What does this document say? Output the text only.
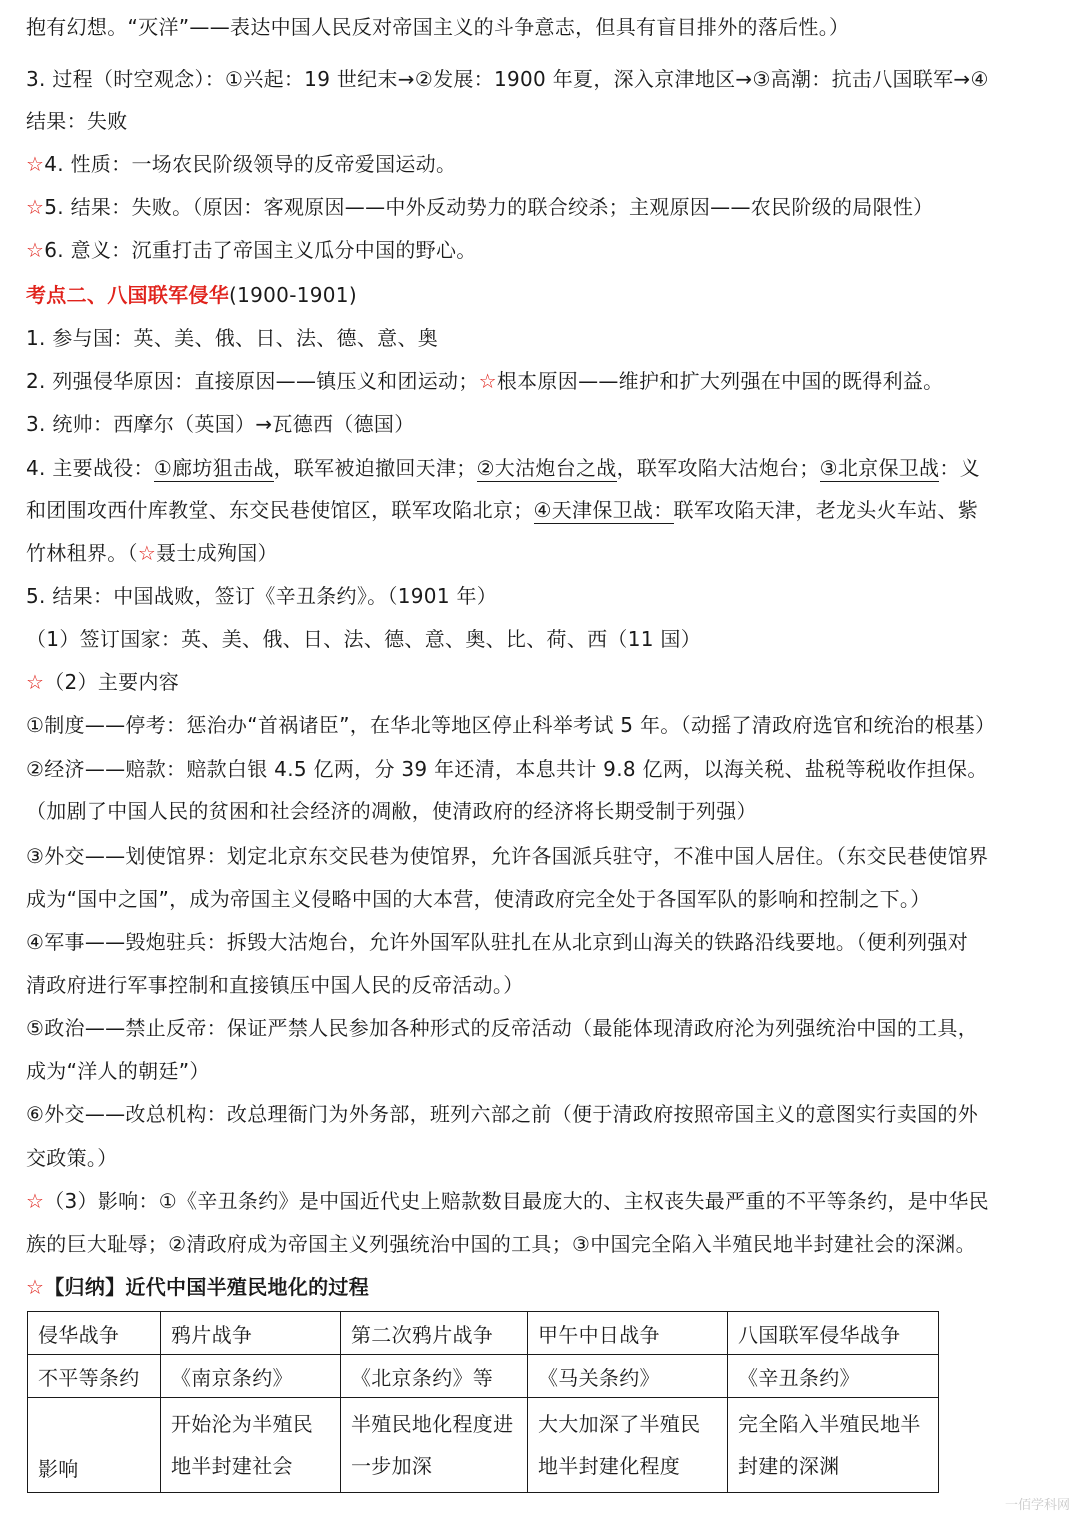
抱有幻想。“灭洋”——表达中国人民反对帝国主义的斗争意志，但具有盲目排外的落后性。）
3. 过程（时空观念）：①兴起：19 世纪末→②发展：1900 年夏，深入京津地区→③高潮：抗击八国联军→④
结果：失败
☆4. 性质：一场农民阶级领导的反帝爱国运动。
☆5. 结果：失败。（原因：客观原因——中外反动势力的联合绞杀；主观原因——农民阶级的局限性）
☆6. 意义：沉重打击了帝国主义瓜分中国的野心。
考点二、八国联军侵华(1900-1901)
1. 参与国：英、美、俄、日、法、德、意、奥
2. 列强侵华原因：直接原因——镇压义和团运动；☆根本原因——维护和扩大列强在中国的既得利益。
3. 统帅：西摩尔（英国）→瓦德西（德国）
4. 主要战役：①廊坊狙击战，联军被迫撤回天津；②大沽炮台之战，联军攻陷大沽炮台；③北京保卫战：义
和团围攻西什库教堂、东交民巷使馆区，联军攻陷北京；④天津保卫战：联军攻陷天津，老龙头火车站、紫
竹林租界。（☆聂士成殉国）
5. 结果：中国战败，签订《辛丑条约》。（1901 年）
（1）签订国家：英、美、俄、日、法、德、意、奥、比、荷、西（11 国）
☆（2）主要内容
①制度——停考：惩治办“首祸诸臣”，在华北等地区停止科举考试 5 年。（动摇了清政府选官和统治的根基）
②经济——赔款：赔款白银 4.5 亿两，分 39 年还清，本息共计 9.8 亿两，以海关税、盐税等税收作担保。
（加剧了中国人民的贫困和社会经济的凋敝，使清政府的经济将长期受制于列强）
③外交——划使馆界：划定北京东交民巷为使馆界，允许各国派兵驻守，不准中国人居住。（东交民巷使馆界
成为“国中之国”，成为帝国主义侵略中国的大本营，使清政府完全处于各国军队的影响和控制之下。）
④军事——毁炮驻兵：拆毁大沽炮台，允许外国军队驻扎在从北京到山海关的铁路沿线要地。（便利列强对
清政府进行军事控制和直接镇压中国人民的反帝活动。）
⑤政治——禁止反帝：保证严禁人民参加各种形式的反帝活动（最能体现清政府沦为列强统治中国的工具，
成为“洋人的朝廷”）
⑥外交——改总机构：改总理衙门为外务部，班列六部之前（便于清政府按照帝国主义的意图实行卖国的外
交政策。）
☆（3）影响：①《辛丑条约》是中国近代史上赔款数目最庞大的、主权丧失最严重的不平等条约，是中华民
族的巨大耻辱；②清政府成为帝国主义列强统治中国的工具；③中国完全陷入半殖民地半封建社会的深渊。
☆【归纳】近代中国半殖民地化的过程
侵华战争	鸦片战争	第二次鸦片战争	甲午中日战争	八国联军侵华战争
不平等条约	《南京条约》	《北京条约》等	《马关条约》	《辛丑条约》
影响	开始沦为半殖民地半封建社会	半殖民地化程度进一步加深	大大加深了半殖民地半封建化程度	完全陷入半殖民地半封建的深渊
一佰学科网
